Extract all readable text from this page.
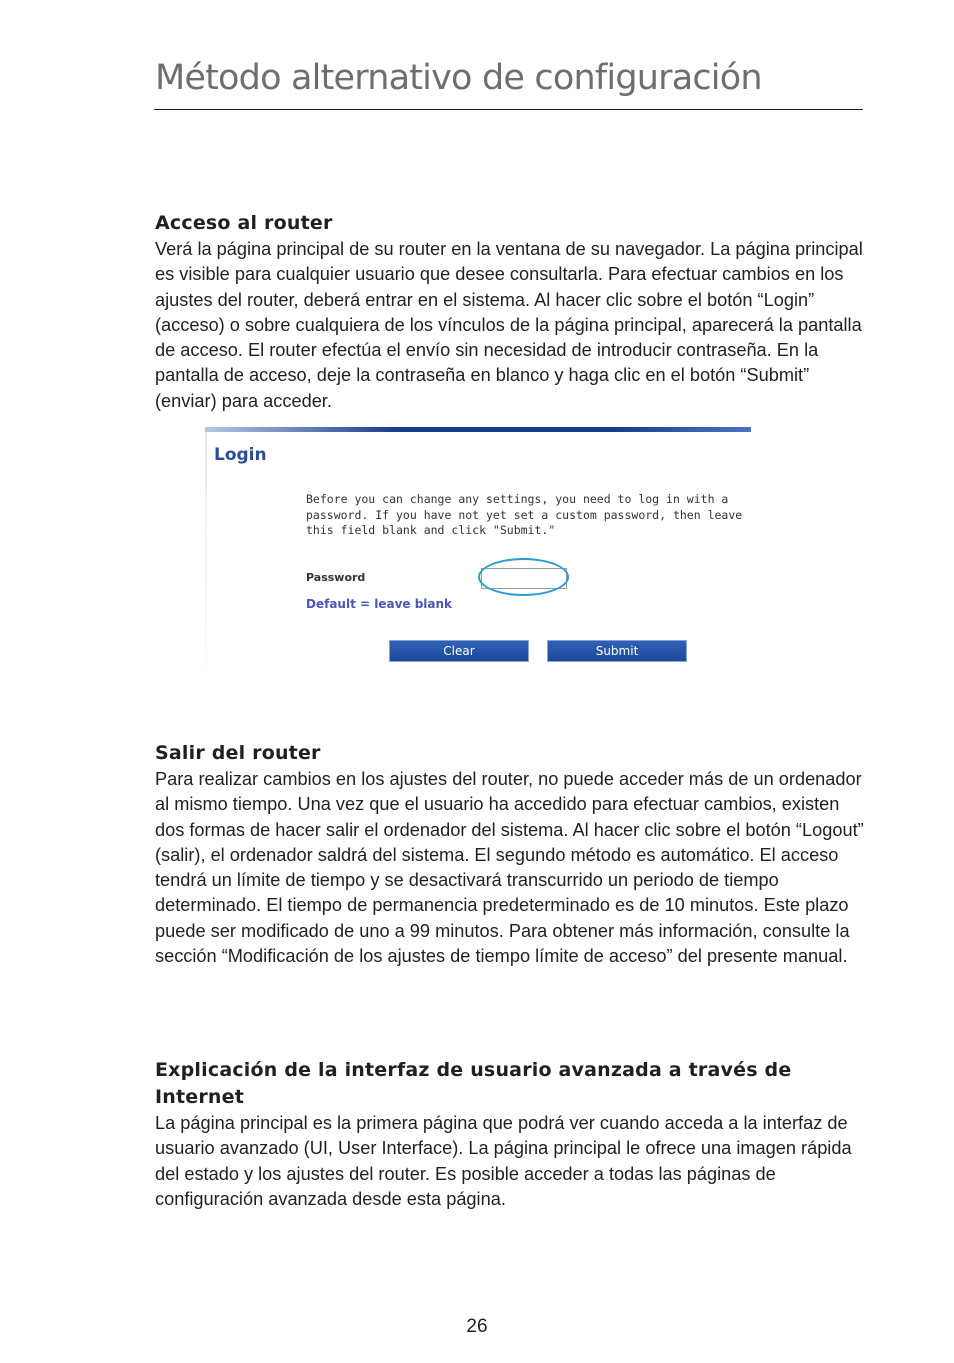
Método alternativo de configuración
Acceso al router

Verá la página principal de su router en la ventana de su navegador. La página principal es visible para cualquier usuario que desee consultarla. Para efectuar cambios en los ajustes del router, deberá entrar en el sistema. Al hacer clic sobre el botón “Login” (acceso) o sobre cualquiera de los vínculos de la página principal, aparecerá la pantalla de acceso. El router efectúa el envío sin necesidad de introducir contraseña. En la pantalla de acceso, deje la contraseña en blanco y haga clic en el botón “Submit” (enviar) para acceder.

Login

Before you can change any settings, you need to log in with a password. If you have not yet set a custom password, then leave this field blank and click "Submit."

Password

Default = leave blank

Clear	Submit
Salir del router

Para realizar cambios en los ajustes del router, no puede acceder más de un ordenador al mismo tiempo. Una vez que el usuario ha accedido para efectuar cambios, existen dos formas de hacer salir el ordenador del sistema. Al hacer clic sobre el botón “Logout” (salir), el ordenador saldrá del sistema. El segundo método es automático. El acceso tendrá un límite de tiempo y se desactivará transcurrido un periodo de tiempo determinado. El tiempo de permanencia predeterminado es de 10 minutos. Este plazo puede ser modificado de uno a 99 minutos. Para obtener más información, consulte la sección “Modificación de los ajustes de tiempo límite de acceso” del presente manual.

Explicación de la interfaz de usuario avanzada a través de Internet

La página principal es la primera página que podrá ver cuando acceda a la interfaz de usuario avanzado (UI, User Interface). La página principal le ofrece una imagen rápida del estado y los ajustes del router. Es posible acceder a todas las páginas de configuración avanzada desde esta página.

26
